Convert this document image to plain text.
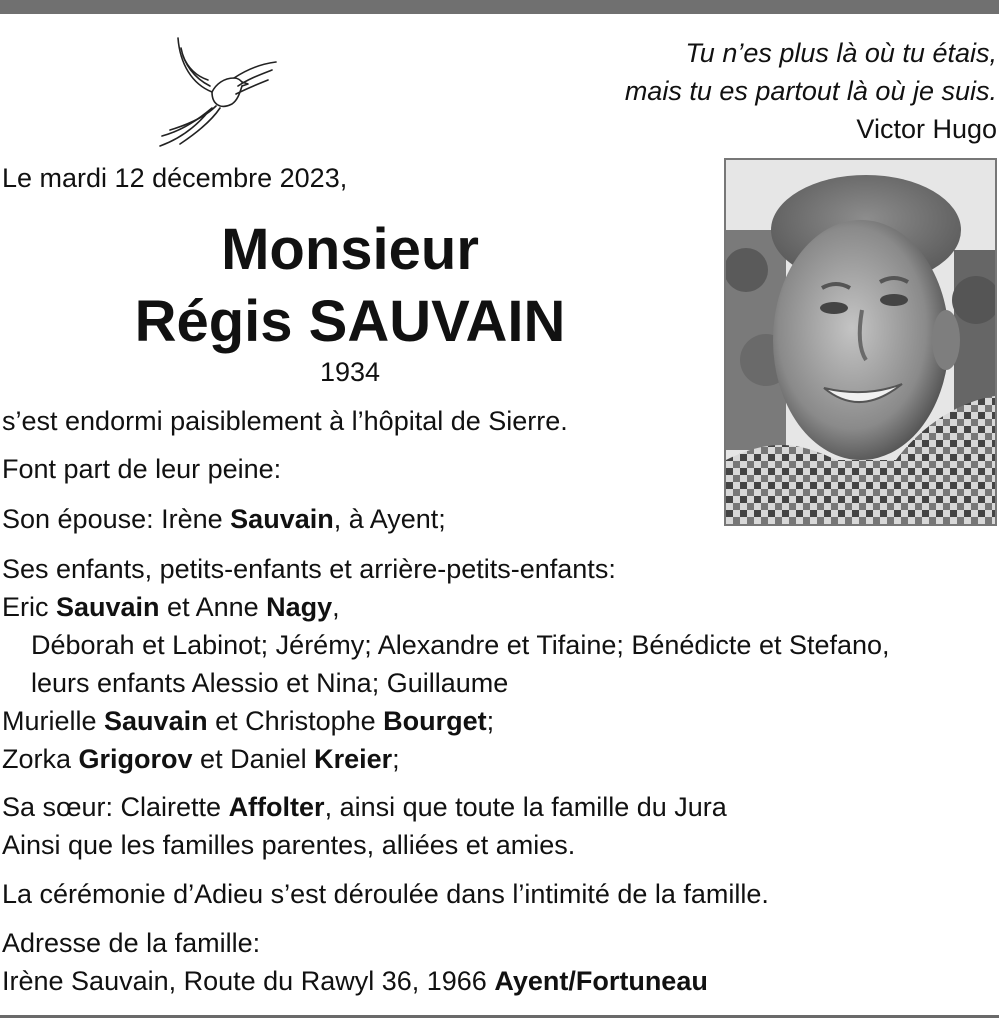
Tu n’es plus là où tu étais,
mais tu es partout là où je suis.
Victor Hugo
Le mardi 12 décembre 2023,
Monsieur
Régis SAUVAIN
1934
s’est endormi paisiblement à l’hôpital de Sierre.
Font part de leur peine:
Son épouse: Irène Sauvain, à Ayent;
Ses enfants, petits-enfants et arrière-petits-enfants:
Eric Sauvain et Anne Nagy,
Déborah et Labinot; Jérémy; Alexandre et Tifaine; Bénédicte et Stefano,
leurs enfants Alessio et Nina; Guillaume
Murielle Sauvain et Christophe Bourget;
Zorka Grigorov et Daniel Kreier;
Sa sœur: Clairette Affolter, ainsi que toute la famille du Jura
Ainsi que les familles parentes, alliées et amies.
La cérémonie d’Adieu s’est déroulée dans l’intimité de la famille.
Adresse de la famille:
Irène Sauvain, Route du Rawyl 36, 1966 Ayent/Fortuneau
